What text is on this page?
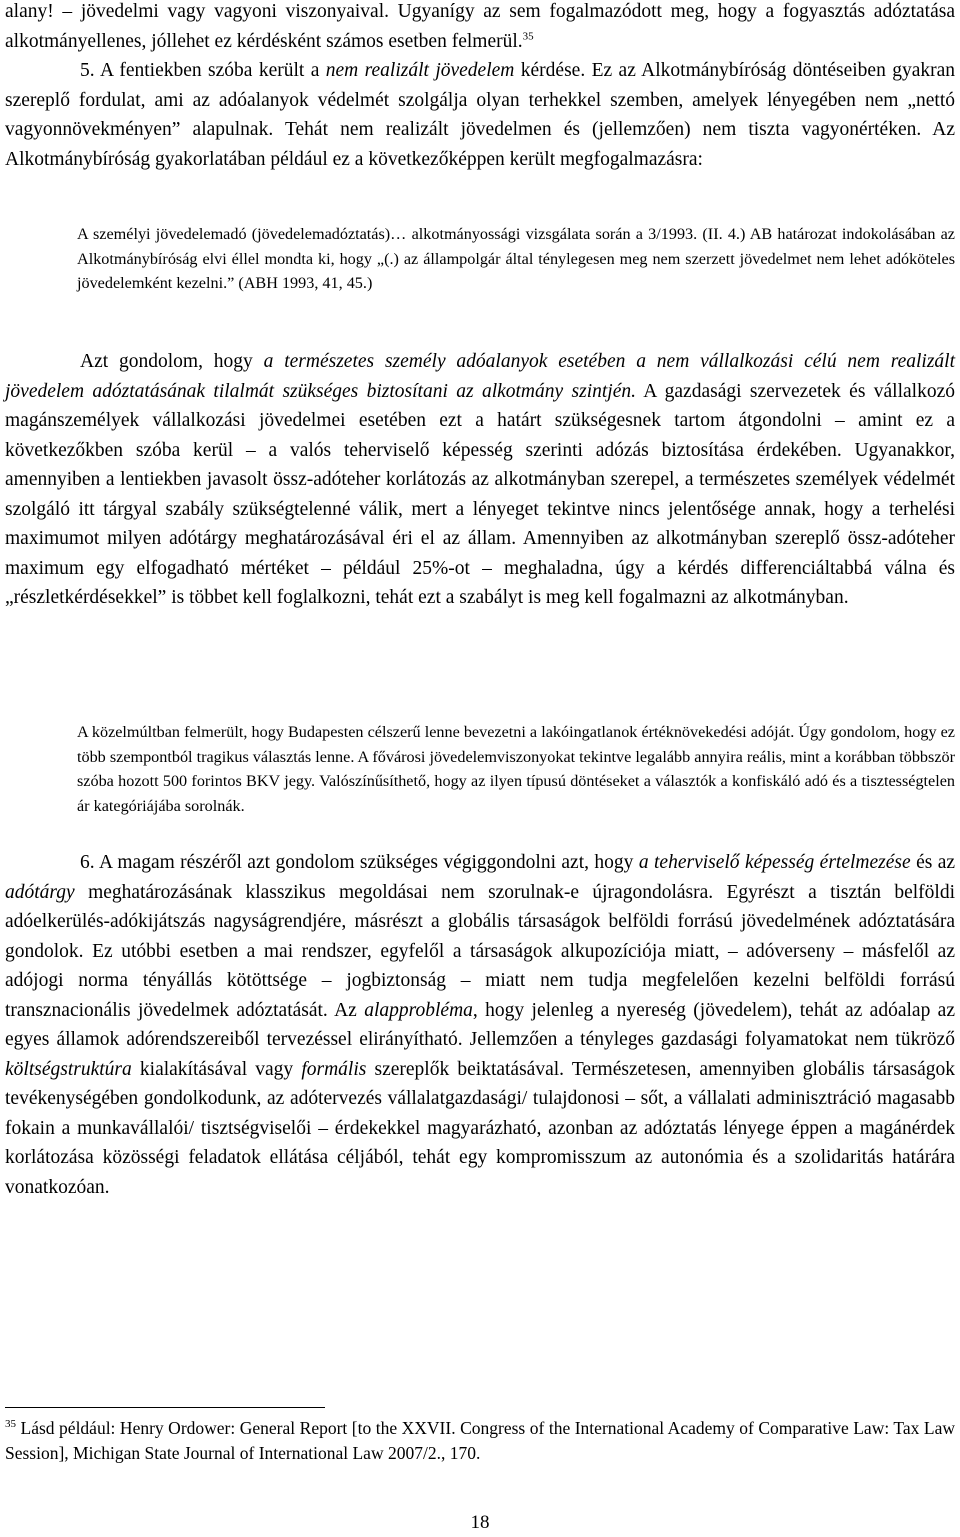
alany! – jövedelmi vagy vagyoni viszonyaival. Ugyanígy az sem fogalmazódott meg, hogy a fogyasztás adóztatása alkotmányellenes, jóllehet ez kérdésként számos esetben felmerül.$^{35}$

5. A fentiekben szóba került a nem realizált jövedelem kérdése. Ez az Alkotmánybíróság döntéseiben gyakran szereplő fordulat, ami az adóalanyok védelmét szolgálja olyan terhekkel szemben, amelyek lényegében nem „nettó vagyonnövekményen” alapulnak. Tehát nem realizált jövedelmen és (jellemzően) nem tiszta vagyonértéken. Az Alkotmánybíróság gyakorlatában például ez a következőképpen került megfogalmazásra:

A személyi jövedelemadó (jövedelemadóztatás)… alkotmányossági vizsgálata során a 3/1993. (II. 4.) AB határozat indokolásában az Alkotmánybíróság elvi éllel mondta ki, hogy „(.) az állampolgár által ténylegesen meg nem szerzett jövedelmet nem lehet adóköteles jövedelemként kezelni.” (ABH 1993, 41, 45.)

Azt gondolom, hogy a természetes személy adóalanyok esetében a nem vállalkozási célú nem realizált jövedelem adóztatásának tilalmát szükséges biztosítani az alkotmány szintjén. A gazdasági szervezetek és vállalkozó magánszemélyek vállalkozási jövedelmei esetében ezt a határt szükségesnek tartom átgondolni – amint ez a következőkben szóba kerül – a valós teherviselő képesség szerinti adózás biztosítása érdekében. Ugyanakkor, amennyiben a lentiekben javasolt össz-adóteher korlátozás az alkotmányban szerepel, a természetes személyek védelmét szolgáló itt tárgyal szabály szükségtelenné válik, mert a lényeget tekintve nincs jelentősége annak, hogy a terhelési maximumot milyen adótárgy meghatározásával éri el az állam. Amennyiben az alkotmányban szereplő össz-adóteher maximum egy elfogadható mértéket – például 25%-ot – meghaladna, úgy a kérdés differenciáltabbá válna és „részletkérdésekkel” is többet kell foglalkozni, tehát ezt a szabályt is meg kell fogalmazni az alkotmányban.

A közelmúltban felmerült, hogy Budapesten célszerű lenne bevezetni a lakóingatlanok értéknövekedési adóját. Úgy gondolom, hogy ez több szempontból tragikus választás lenne. A fővárosi jövedelemviszonyokat tekintve legalább annyira reális, mint a korábban többször szóba hozott 500 forintos BKV jegy. Valószínűsíthető, hogy az ilyen típusú döntéseket a választók a konfiskáló adó és a tisztességtelen ár kategóriájába sorolnák.

6. A magam részéről azt gondolom szükséges végiggondolni azt, hogy a teherviselő képesség értelmezése és az adótárgy meghatározásának klasszikus megoldásai nem szorulnak-e újragondolásra. Egyrészt a tisztán belföldi adóelkerülés-adókijátszás nagyságrendjére, másrészt a globális társaságok belföldi forrású jövedelmének adóztatására gondolok. Ez utóbbi esetben a mai rendszer, egyfelől a társaságok alkupozíciója miatt, – adóverseny – másfelől az adójogi norma tényállás kötöttsége – jogbiztonság – miatt nem tudja megfelelően kezelni belföldi forrású transznacionális jövedelmek adóztatását. Az alapprobléma, hogy jelenleg a nyereség (jövedelem), tehát az adóalap az egyes államok adórendszereiből tervezéssel elirányítható. Jellemzően a tényleges gazdasági folyamatokat nem tükröző költségstruktúra kialakításával vagy formális szereplők beiktatásával. Természetesen, amennyiben globális társaságok tevékenységében gondolkodunk, az adótervezés vállalatgazdasági/ tulajdonosi – sőt, a vállalati adminisztráció magasabb fokain a munkavállalói/ tisztségviselői – érdekekkel magyarázható, azonban az adóztatás lényege éppen a magánérdek korlátozása közösségi feladatok ellátása céljából, tehát egy kompromisszum az autonómia és a szolidaritás határára vonatkozóan.

$^{35}$ Lásd például: Henry Ordower: General Report [to the XXVII. Congress of the International Academy of Comparative Law: Tax Law Session], Michigan State Journal of International Law 2007/2., 170.

18
